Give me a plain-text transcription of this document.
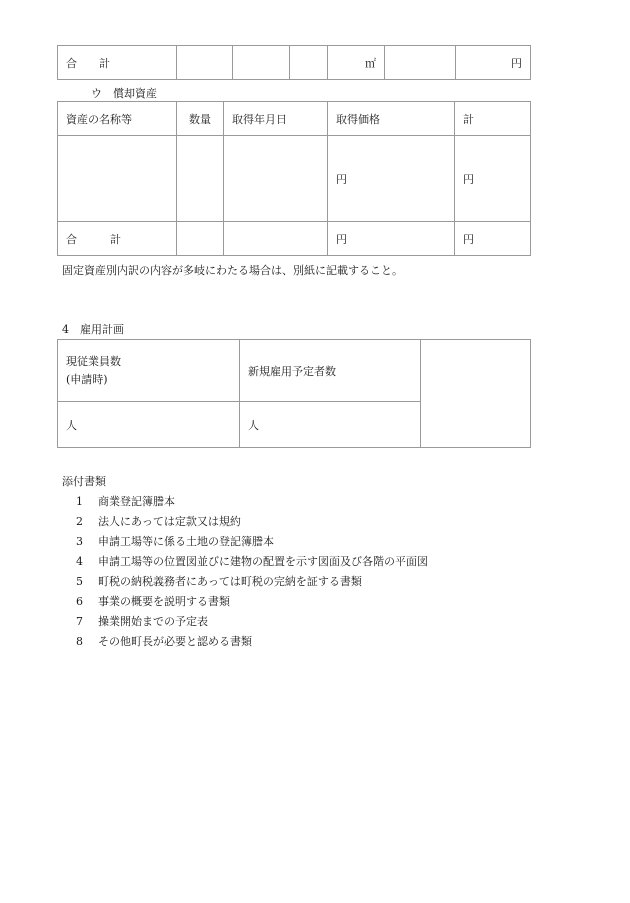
合　　計				㎡		円
ウ　償却資産
資産の名称等	数量	取得年月日	取得価格	計
			円	円
合　　　計			円	円
固定資産別内訳の内容が多岐にわたる場合は、別紙に記載すること。
4　雇用計画
現従業員数
(申請時)	新規雇用予定者数	
人	人	
添付書類
1 商業登記簿謄本
2 法人にあっては定款又は規約
3 申請工場等に係る土地の登記簿謄本
4 申請工場等の位置図並びに建物の配置を示す図面及び各階の平面図
5 町税の納税義務者にあっては町税の完納を証する書類
6 事業の概要を説明する書類
7 操業開始までの予定表
8 その他町長が必要と認める書類
